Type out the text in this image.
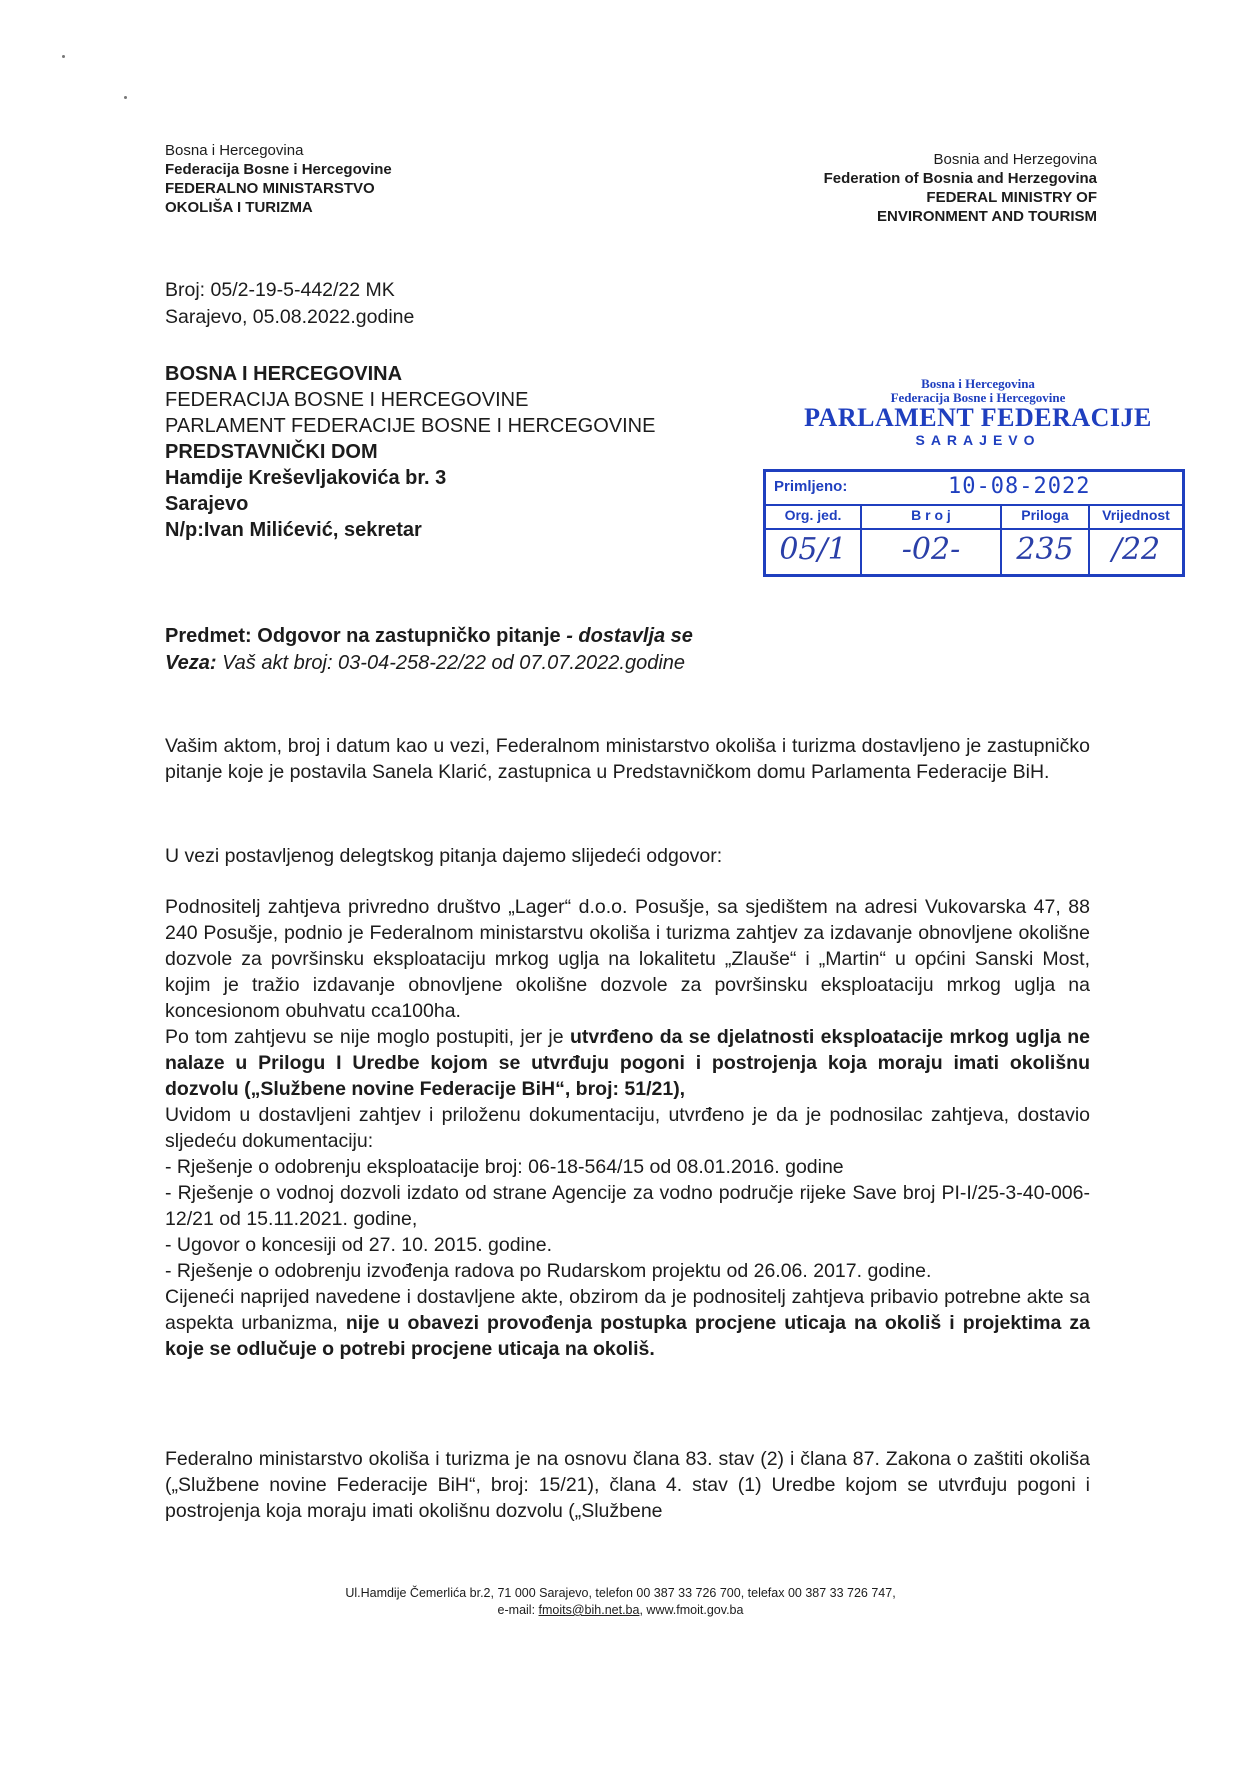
Bosna i Hercegovina
Federacija Bosne i Hercegovine
FEDERALNO MINISTARSTVO
OKOLIŠA I TURIZMA
Bosnia and Herzegovina
Federation of Bosnia and Herzegovina
FEDERAL MINISTRY OF
ENVIRONMENT AND TOURISM
Broj: 05/2-19-5-442/22 MK
Sarajevo, 05.08.2022.godine
BOSNA I HERCEGOVINA
FEDERACIJA BOSNE I HERCEGOVINE
PARLAMENT FEDERACIJE BOSNE I HERCEGOVINE
PREDSTAVNIČKI DOM
Hamdije Kreševljakovića br. 3
Sarajevo
N/p:Ivan Milićević, sekretar
Bosna i Hercegovina
Federacija Bosne i Hercegovine
PARLAMENT FEDERACIJE
SARAJEVO
Primljeno:	10-08-2022
Org. jed.	B r o j	Priloga	Vrijednost
05/1	-02-	235	/22
Predmet: Odgovor na zastupničko pitanje - dostavlja se
Veza: Vaš akt broj: 03-04-258-22/22 od 07.07.2022.godine

Vašim aktom, broj i datum kao u vezi, Federalnom ministarstvo okoliša i turizma dostavljeno je zastupničko pitanje koje je postavila Sanela Klarić, zastupnica u Predstavničkom domu Parlamenta Federacije BiH.

U vezi postavljenog delegtskog pitanja dajemo slijedeći odgovor:

Podnositelj zahtjeva privredno društvo „Lager“ d.o.o. Posušje, sa sjedištem na adresi Vukovarska 47, 88 240 Posušje, podnio je Federalnom ministarstvu okoliša i turizma zahtjev za izdavanje obnovljene okolišne dozvole za površinsku eksploataciju mrkog uglja na lokalitetu „Zlauše“ i „Martin“ u općini Sanski Most, kojim je tražio izdavanje obnovljene okolišne dozvole za površinsku eksploataciju mrkog uglja na koncesionom obuhvatu cca100ha.

Po tom zahtjevu se nije moglo postupiti, jer je utvrđeno da se djelatnosti eksploatacije mrkog uglja ne nalaze u Prilogu I Uredbe kojom se utvrđuju pogoni i postrojenja koja moraju imati okolišnu dozvolu („Službene novine Federacije BiH“, broj: 51/21),

Uvidom u dostavljeni zahtjev i priloženu dokumentaciju, utvrđeno je da je podnosilac zahtjeva, dostavio sljedeću dokumentaciju:

- Rješenje o odobrenju eksploatacije broj: 06-18-564/15 od 08.01.2016. godine
- Rješenje o vodnoj dozvoli izdato od strane Agencije za vodno područje rijeke Save broj PI-I/25-3-40-006-12/21 od 15.11.2021. godine,
- Ugovor o koncesiji od 27. 10. 2015. godine.
- Rješenje o odobrenju izvođenja radova po Rudarskom projektu od 26.06. 2017. godine.

Cijeneći naprijed navedene i dostavljene akte, obzirom da je podnositelj zahtjeva pribavio potrebne akte sa aspekta urbanizma, nije u obavezi provođenja postupka procjene uticaja na okoliš i projektima za koje se odlučuje o potrebi procjene uticaja na okoliš.

Federalno ministarstvo okoliša i turizma je na osnovu člana 83. stav (2) i člana 87. Zakona o zaštiti okoliša („Službene novine Federacije BiH“, broj: 15/21), člana 4. stav (1) Uredbe kojom se utvrđuju pogoni i postrojenja koja moraju imati okolišnu dozvolu („Službene

Ul.Hamdije Čemerlića br.2, 71 000 Sarajevo, telefon 00 387 33 726 700, telefax 00 387 33 726 747,
e-mail: fmoits@bih.net.ba, www.fmoit.gov.ba
